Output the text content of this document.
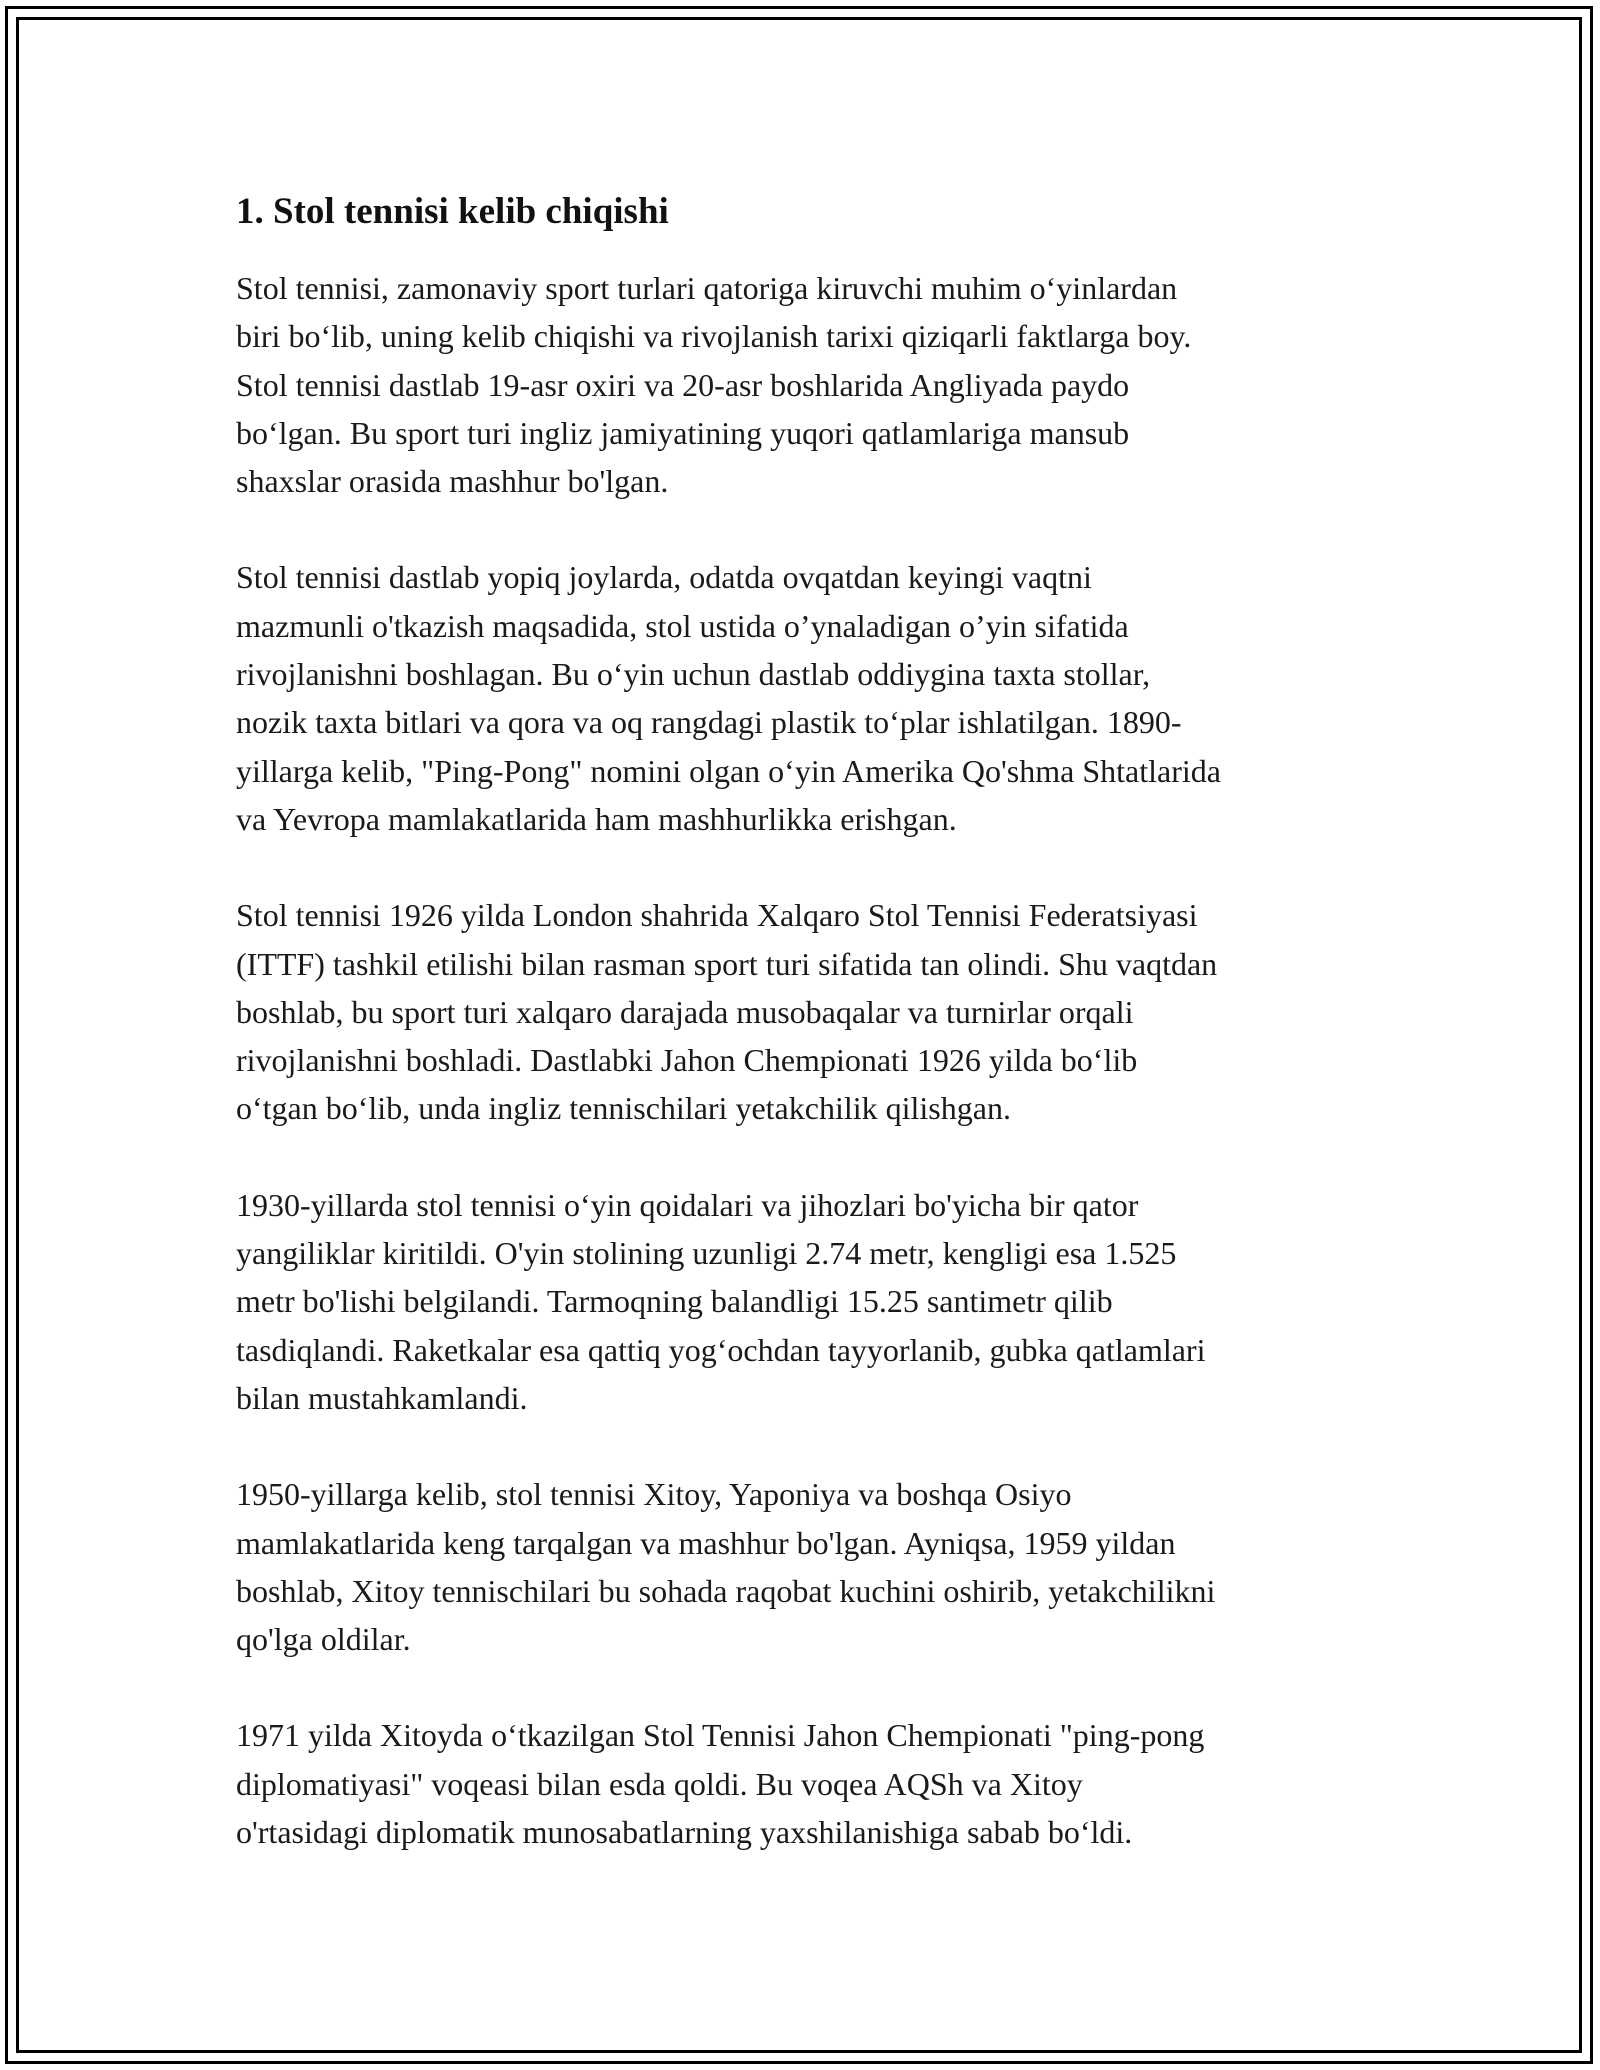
1. Stol tennisi kelib chiqishi

Stol tennisi, zamonaviy sport turlari qatoriga kiruvchi muhim o‘yinlardan
biri bo‘lib, uning kelib chiqishi va rivojlanish tarixi qiziqarli faktlarga boy.
Stol tennisi dastlab 19-asr oxiri va 20-asr boshlarida Angliyada paydo
bo‘lgan. Bu sport turi ingliz jamiyatining yuqori qatlamlariga mansub
shaxslar orasida mashhur bo'lgan.

Stol tennisi dastlab yopiq joylarda, odatda ovqatdan keyingi vaqtni
mazmunli o'tkazish maqsadida, stol ustida o’ynaladigan o’yin sifatida
rivojlanishni boshlagan. Bu o‘yin uchun dastlab oddiygina taxta stollar,
nozik taxta bitlari va qora va oq rangdagi plastik to‘plar ishlatilgan. 1890-
yillarga kelib, "Ping-Pong" nomini olgan o‘yin Amerika Qo'shma Shtatlarida
va Yevropa mamlakatlarida ham mashhurlikka erishgan.

Stol tennisi 1926 yilda London shahrida Xalqaro Stol Tennisi Federatsiyasi
(ITTF) tashkil etilishi bilan rasman sport turi sifatida tan olindi. Shu vaqtdan
boshlab, bu sport turi xalqaro darajada musobaqalar va turnirlar orqali
rivojlanishni boshladi. Dastlabki Jahon Chempionati 1926 yilda bo‘lib
o‘tgan bo‘lib, unda ingliz tennischilari yetakchilik qilishgan.

1930-yillarda stol tennisi o‘yin qoidalari va jihozlari bo'yicha bir qator
yangiliklar kiritildi. O'yin stolining uzunligi 2.74 metr, kengligi esa 1.525
metr bo'lishi belgilandi. Tarmoqning balandligi 15.25 santimetr qilib
tasdiqlandi. Raketkalar esa qattiq yog‘ochdan tayyorlanib, gubka qatlamlari
bilan mustahkamlandi.

1950-yillarga kelib, stol tennisi Xitoy, Yaponiya va boshqa Osiyo
mamlakatlarida keng tarqalgan va mashhur bo'lgan. Ayniqsa, 1959 yildan
boshlab, Xitoy tennischilari bu sohada raqobat kuchini oshirib, yetakchilikni
qo'lga oldilar.

1971 yilda Xitoyda o‘tkazilgan Stol Tennisi Jahon Chempionati "ping-pong
diplomatiyasi" voqeasi bilan esda qoldi. Bu voqea AQSh va Xitoy
o'rtasidagi diplomatik munosabatlarning yaxshilanishiga sabab bo‘ldi.
